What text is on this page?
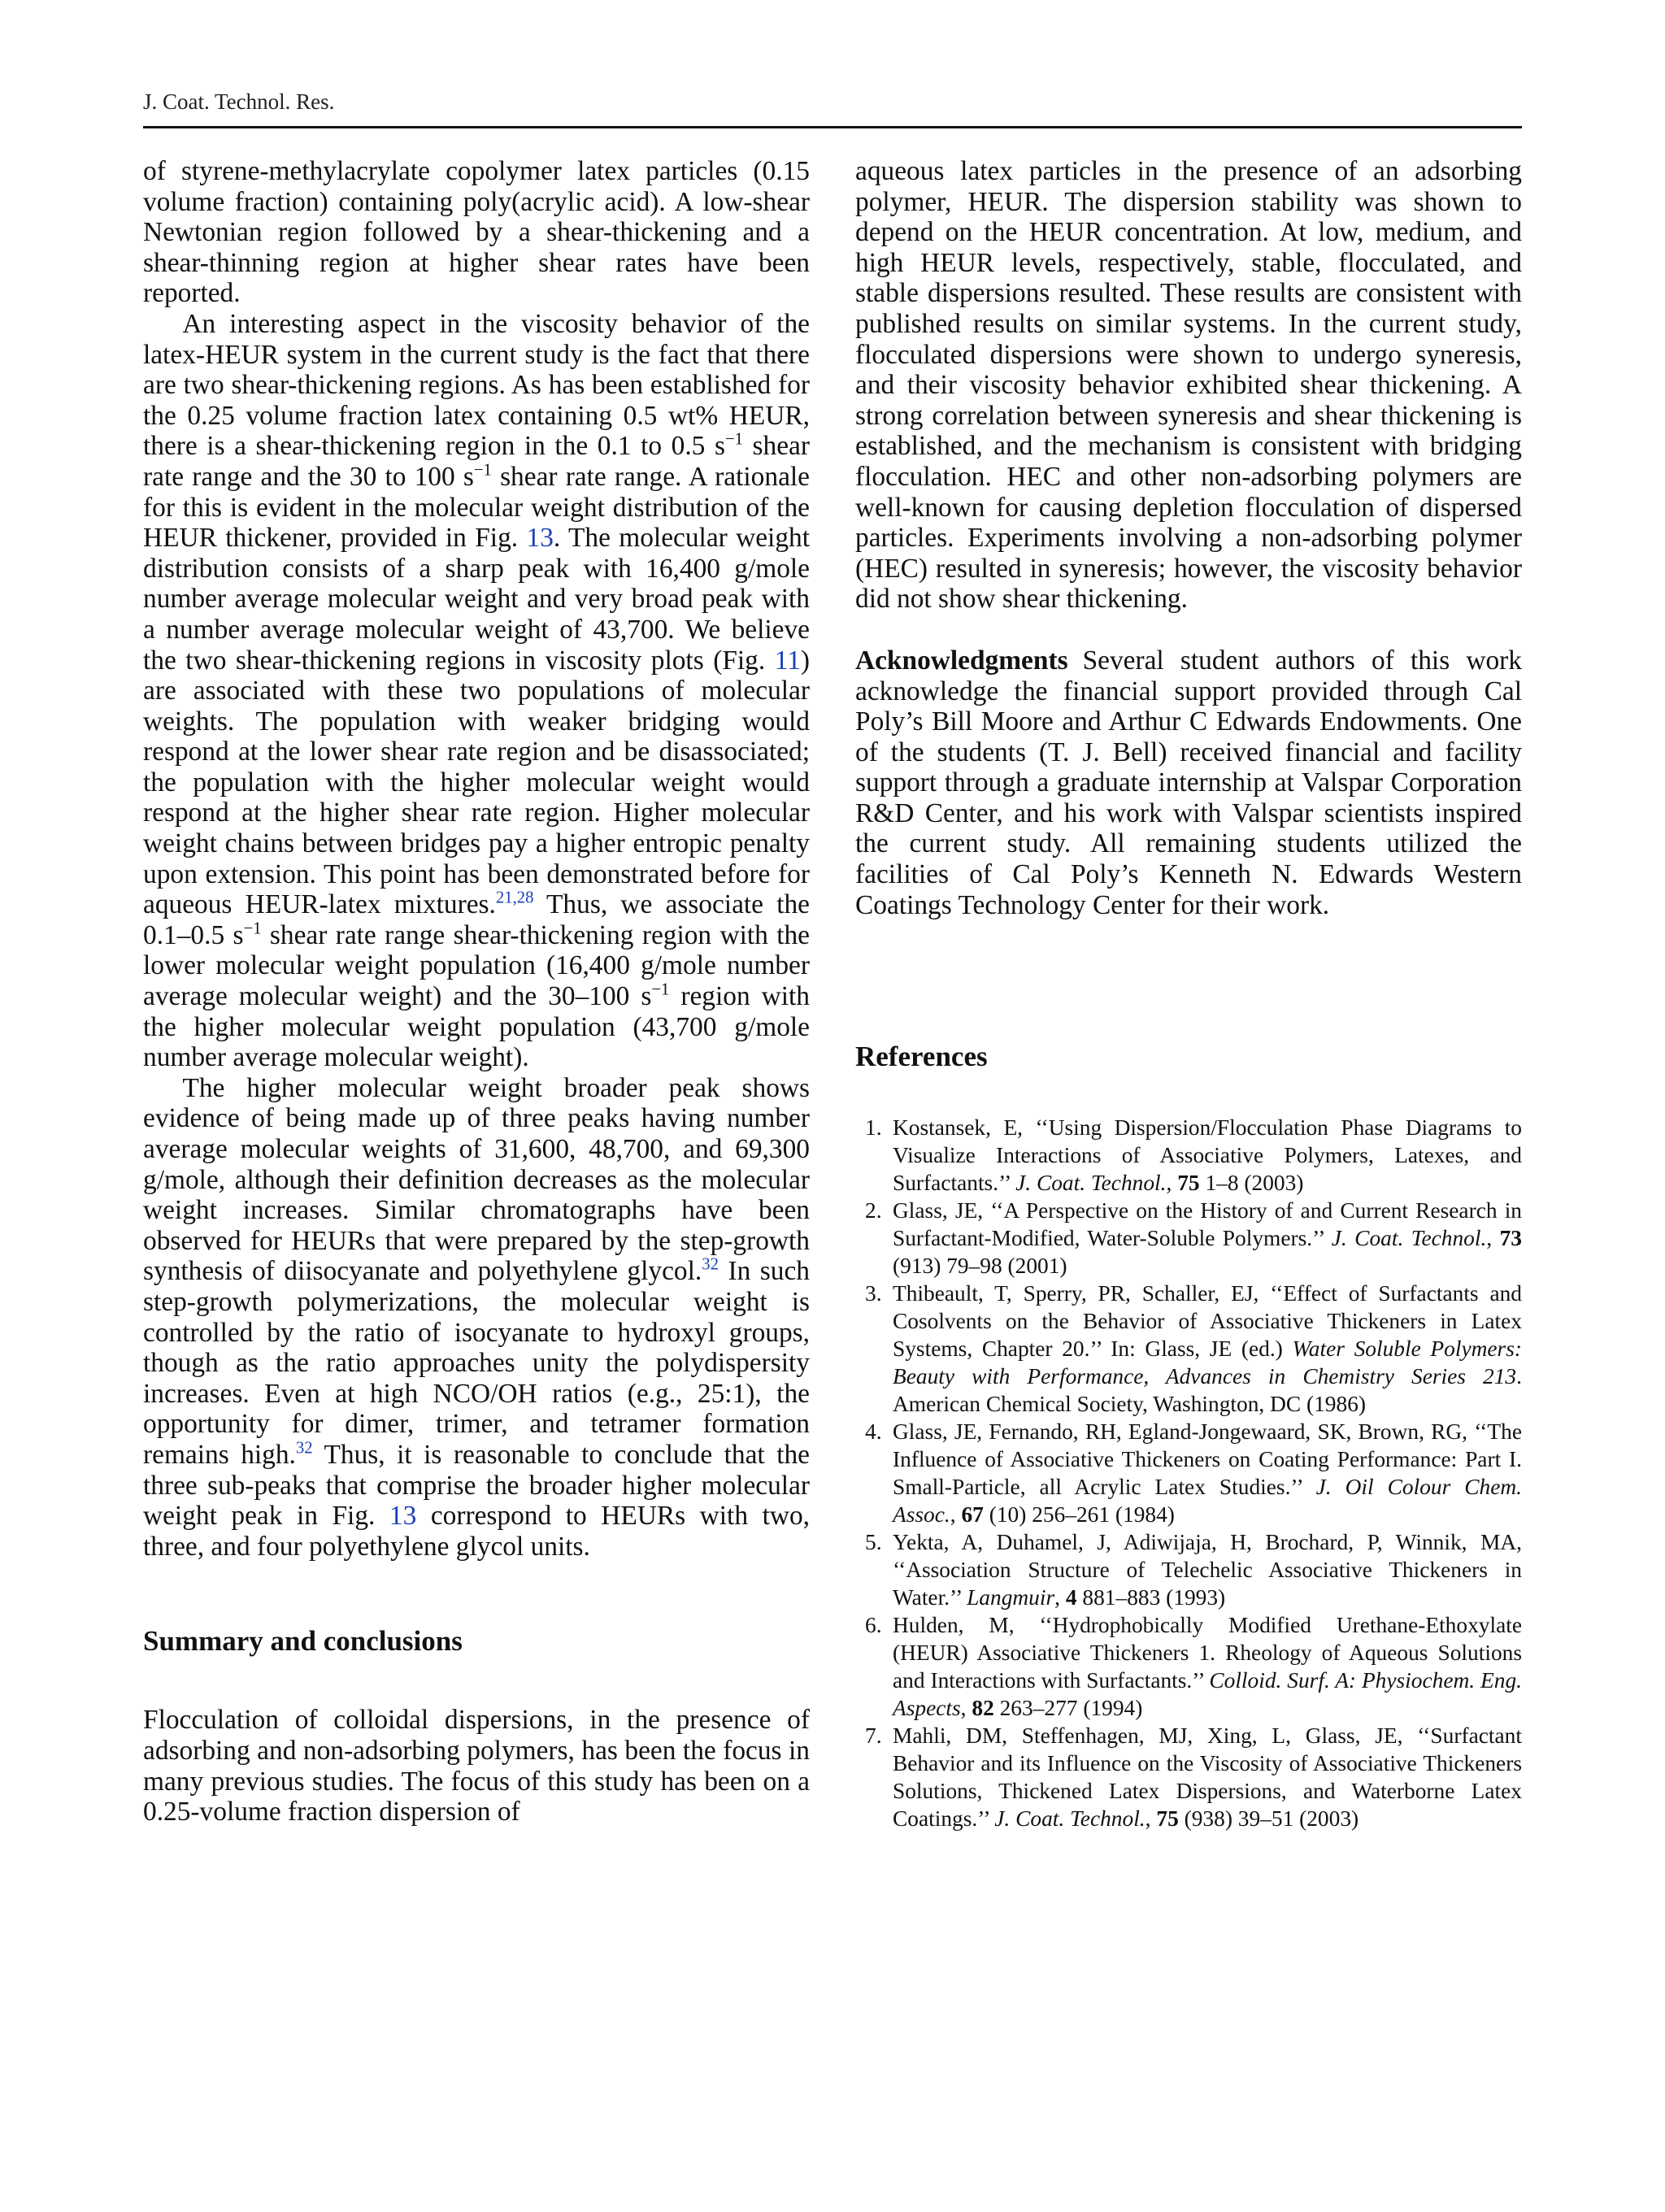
J. Coat. Technol. Res.

of styrene-methylacrylate copolymer latex particles (0.15 volume fraction) containing poly(acrylic acid). A low-shear Newtonian region followed by a shear-thickening and a shear-thinning region at higher shear rates have been reported.

An interesting aspect in the viscosity behavior of the latex-HEUR system in the current study is the fact that there are two shear-thickening regions. As has been established for the 0.25 volume fraction latex containing 0.5 wt% HEUR, there is a shear-thickening region in the 0.1 to 0.5 $s^{-1}$ shear rate range and the 30 to 100 $s^{-1}$ shear rate range. A rationale for this is evident in the molecular weight distribution of the HEUR thickener, provided in Fig. 13. The molecular weight distribution consists of a sharp peak with 16,400 g/mole number average molecular weight and very broad peak with a number average molecular weight of 43,700. We believe the two shear-thickening regions in viscosity plots (Fig. 11) are associated with these two populations of molecular weights. The population with weaker bridging would respond at the lower shear rate region and be disassociated; the population with the higher molecular weight would respond at the higher shear rate region. Higher molecular weight chains between bridges pay a higher entropic penalty upon extension. This point has been demonstrated before for aqueous HEUR-latex mixtures.$^{21,28}$ Thus, we associate the 0.1–0.5 $s^{-1}$ shear rate range shear-thickening region with the lower molecular weight population (16,400 g/mole number average molecular weight) and the 30–100 $s^{-1}$ region with the higher molecular weight population (43,700 g/mole number average molecular weight).

The higher molecular weight broader peak shows evidence of being made up of three peaks having number average molecular weights of 31,600, 48,700, and 69,300 g/mole, although their definition decreases as the molecular weight increases. Similar chromatographs have been observed for HEURs that were prepared by the step-growth synthesis of diisocyanate and polyethylene glycol.$^{32}$ In such step-growth polymerizations, the molecular weight is controlled by the ratio of isocyanate to hydroxyl groups, though as the ratio approaches unity the polydispersity increases. Even at high NCO/OH ratios (e.g., 25:1), the opportunity for dimer, trimer, and tetramer formation remains high.$^{32}$ Thus, it is reasonable to conclude that the three sub-peaks that comprise the broader higher molecular weight peak in Fig. 13 correspond to HEURs with two, three, and four polyethylene glycol units.

Summary and conclusions

Flocculation of colloidal dispersions, in the presence of adsorbing and non-adsorbing polymers, has been the focus in many previous studies. The focus of this study has been on a 0.25-volume fraction dispersion of

aqueous latex particles in the presence of an adsorbing polymer, HEUR. The dispersion stability was shown to depend on the HEUR concentration. At low, medium, and high HEUR levels, respectively, stable, flocculated, and stable dispersions resulted. These results are consistent with published results on similar systems. In the current study, flocculated dispersions were shown to undergo syneresis, and their viscosity behavior exhibited shear thickening. A strong correlation between syneresis and shear thickening is established, and the mechanism is consistent with bridging flocculation. HEC and other non-adsorbing polymers are well-known for causing depletion flocculation of dispersed particles. Experiments involving a non-adsorbing polymer (HEC) resulted in syneresis; however, the viscosity behavior did not show shear thickening.

Acknowledgments Several student authors of this work acknowledge the financial support provided through Cal Poly’s Bill Moore and Arthur C Edwards Endowments. One of the students (T. J. Bell) received financial and facility support through a graduate internship at Valspar Corporation R&D Center, and his work with Valspar scientists inspired the current study. All remaining students utilized the facilities of Cal Poly’s Kenneth N. Edwards Western Coatings Technology Center for their work.

References
1. Kostansek, E, ‘‘Using Dispersion/Flocculation Phase Diagrams to Visualize Interactions of Associative Polymers, Latexes, and Surfactants.’’ J. Coat. Technol., 75 1–8 (2003)
2. Glass, JE, ‘‘A Perspective on the History of and Current Research in Surfactant-Modified, Water-Soluble Polymers.’’ J. Coat. Technol., 73 (913) 79–98 (2001)
3. Thibeault, T, Sperry, PR, Schaller, EJ, ‘‘Effect of Surfactants and Cosolvents on the Behavior of Associative Thickeners in Latex Systems, Chapter 20.’’ In: Glass, JE (ed.) Water Soluble Polymers: Beauty with Performance, Advances in Chemistry Series 213. American Chemical Society, Washington, DC (1986)
4. Glass, JE, Fernando, RH, Egland-Jongewaard, SK, Brown, RG, ‘‘The Influence of Associative Thickeners on Coating Performance: Part I. Small-Particle, all Acrylic Latex Studies.’’ J. Oil Colour Chem. Assoc., 67 (10) 256–261 (1984)
5. Yekta, A, Duhamel, J, Adiwijaja, H, Brochard, P, Winnik, MA, ‘‘Association Structure of Telechelic Associative Thickeners in Water.’’ Langmuir, 4 881–883 (1993)
6. Hulden, M, ‘‘Hydrophobically Modified Urethane-Ethoxylate (HEUR) Associative Thickeners 1. Rheology of Aqueous Solutions and Interactions with Surfactants.’’ Colloid. Surf. A: Physiochem. Eng. Aspects, 82 263–277 (1994)
7. Mahli, DM, Steffenhagen, MJ, Xing, L, Glass, JE, ‘‘Surfactant Behavior and its Influence on the Viscosity of Associative Thickeners Solutions, Thickened Latex Dispersions, and Waterborne Latex Coatings.’’ J. Coat. Technol., 75 (938) 39–51 (2003)
